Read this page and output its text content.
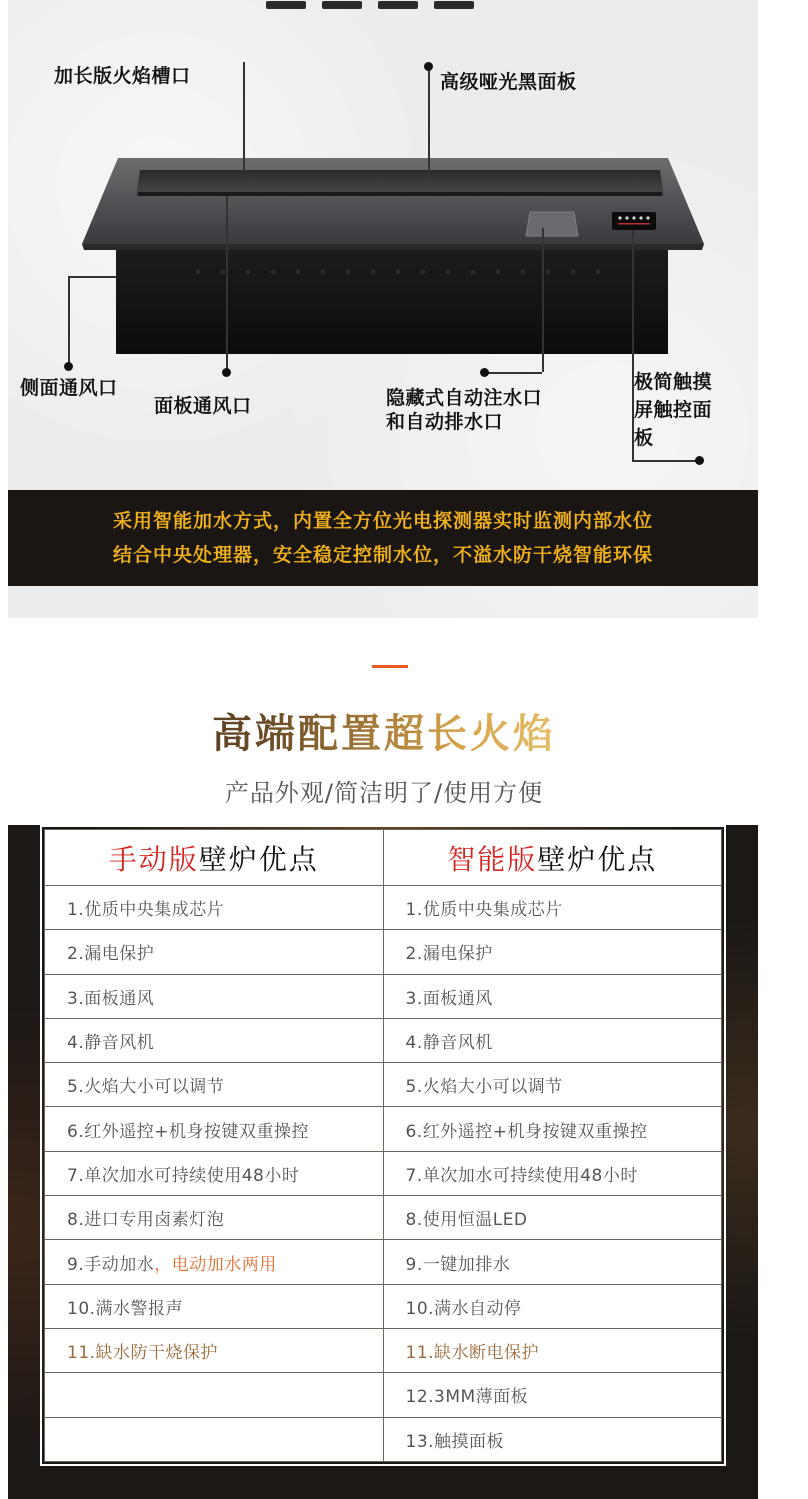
加长版火焰槽口	高级哑光黑面板
侧面通风口
面板通风口	隐藏式自动注水口
和自动排水口
极简触摸
屏触控面
板
采用智能加水方式，内置全方位光电探测器实时监测内部水位
结合中央处理器，安全稳定控制水位，不溢水防干烧智能环保
高端配置超长火焰
产品外观/简洁明了/使用方便
手动版壁炉优点	智能版壁炉优点
1.优质中央集成芯片	1.优质中央集成芯片
2.漏电保护	2.漏电保护
3.面板通风	3.面板通风
4.静音风机	4.静音风机
5.火焰大小可以调节	5.火焰大小可以调节
6.红外遥控+机身按键双重操控	6.红外遥控+机身按键双重操控
7.单次加水可持续使用48小时	7.单次加水可持续使用48小时
8.进口专用卤素灯泡	8.使用恒温LED
9.手动加水，电动加水两用	9.一键加排水
10.满水警报声	10.满水自动停
11.缺水防干烧保护	11.缺水断电保护
	12.3MM薄面板
	13.触摸面板
